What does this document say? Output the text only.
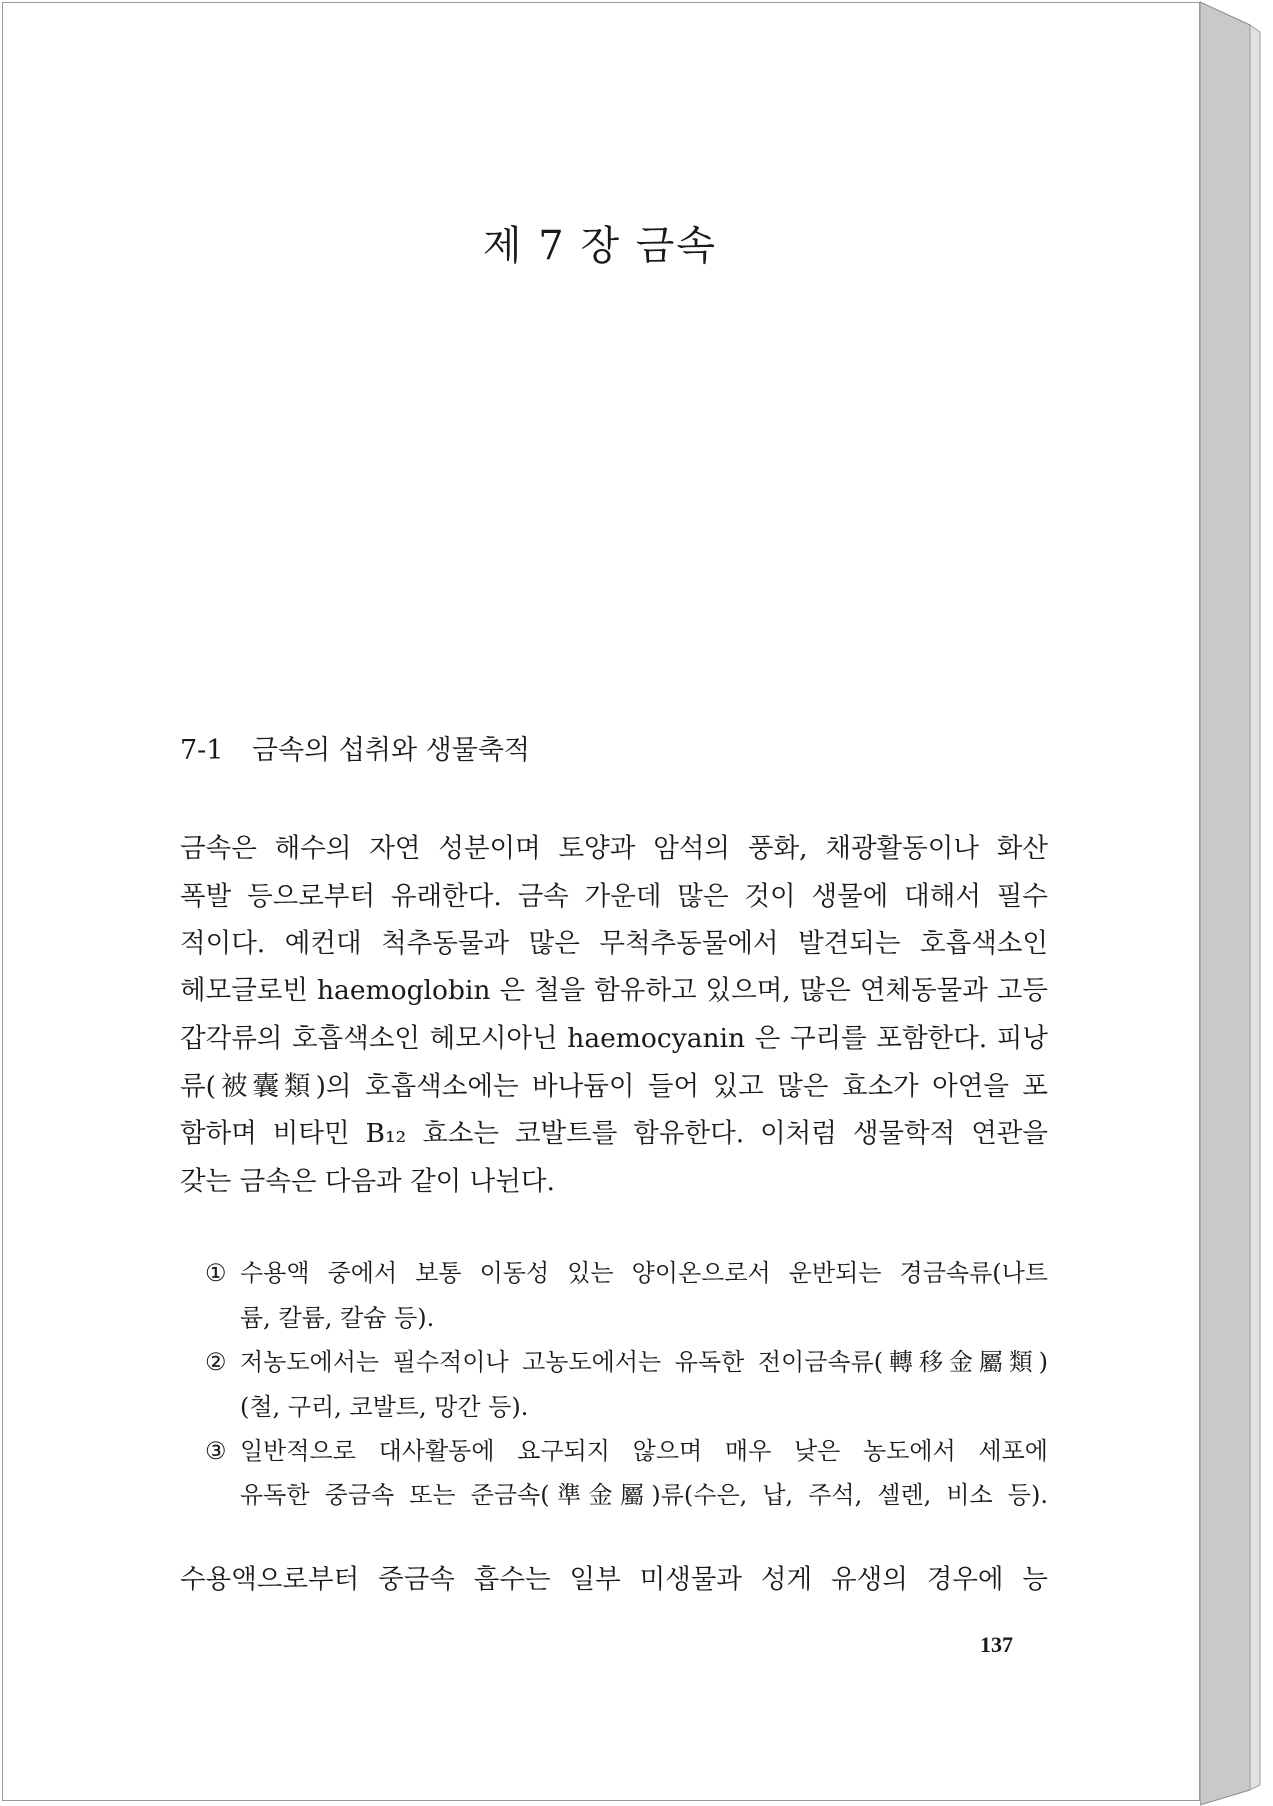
제 7 장 금속
7-1 금속의 섭취와 생물축적
금속은 해수의 자연 성분이며 토양과 암석의 풍화, 채광활동이나 화산
폭발 등으로부터 유래한다. 금속 가운데 많은 것이 생물에 대해서 필수
적이다. 예컨대 척추동물과 많은 무척추동물에서 발견되는 호흡색소인
헤모글로빈 haemoglobin 은 철을 함유하고 있으며, 많은 연체동물과 고등
갑각류의 호흡색소인 헤모시아닌 haemocyanin 은 구리를 포함한다. 피낭
류(被囊類)의 호흡색소에는 바나듐이 들어 있고 많은 효소가 아연을 포
함하며 비타민 B₁₂ 효소는 코발트를 함유한다. 이처럼 생물학적 연관을
갖는 금속은 다음과 같이 나뉜다.
① 수용액 중에서 보통 이동성 있는 양이온으로서 운반되는 경금속류(나트
륨, 칼륨, 칼슘 등).
② 저농도에서는 필수적이나 고농도에서는 유독한 전이금속류(轉移金屬類)
(철, 구리, 코발트, 망간 등).
③ 일반적으로 대사활동에 요구되지 않으며 매우 낮은 농도에서 세포에
유독한 중금속 또는 준금속(準金屬)류(수은, 납, 주석, 셀렌, 비소 등).
수용액으로부터 중금속 흡수는 일부 미생물과 성게 유생의 경우에 능
137
